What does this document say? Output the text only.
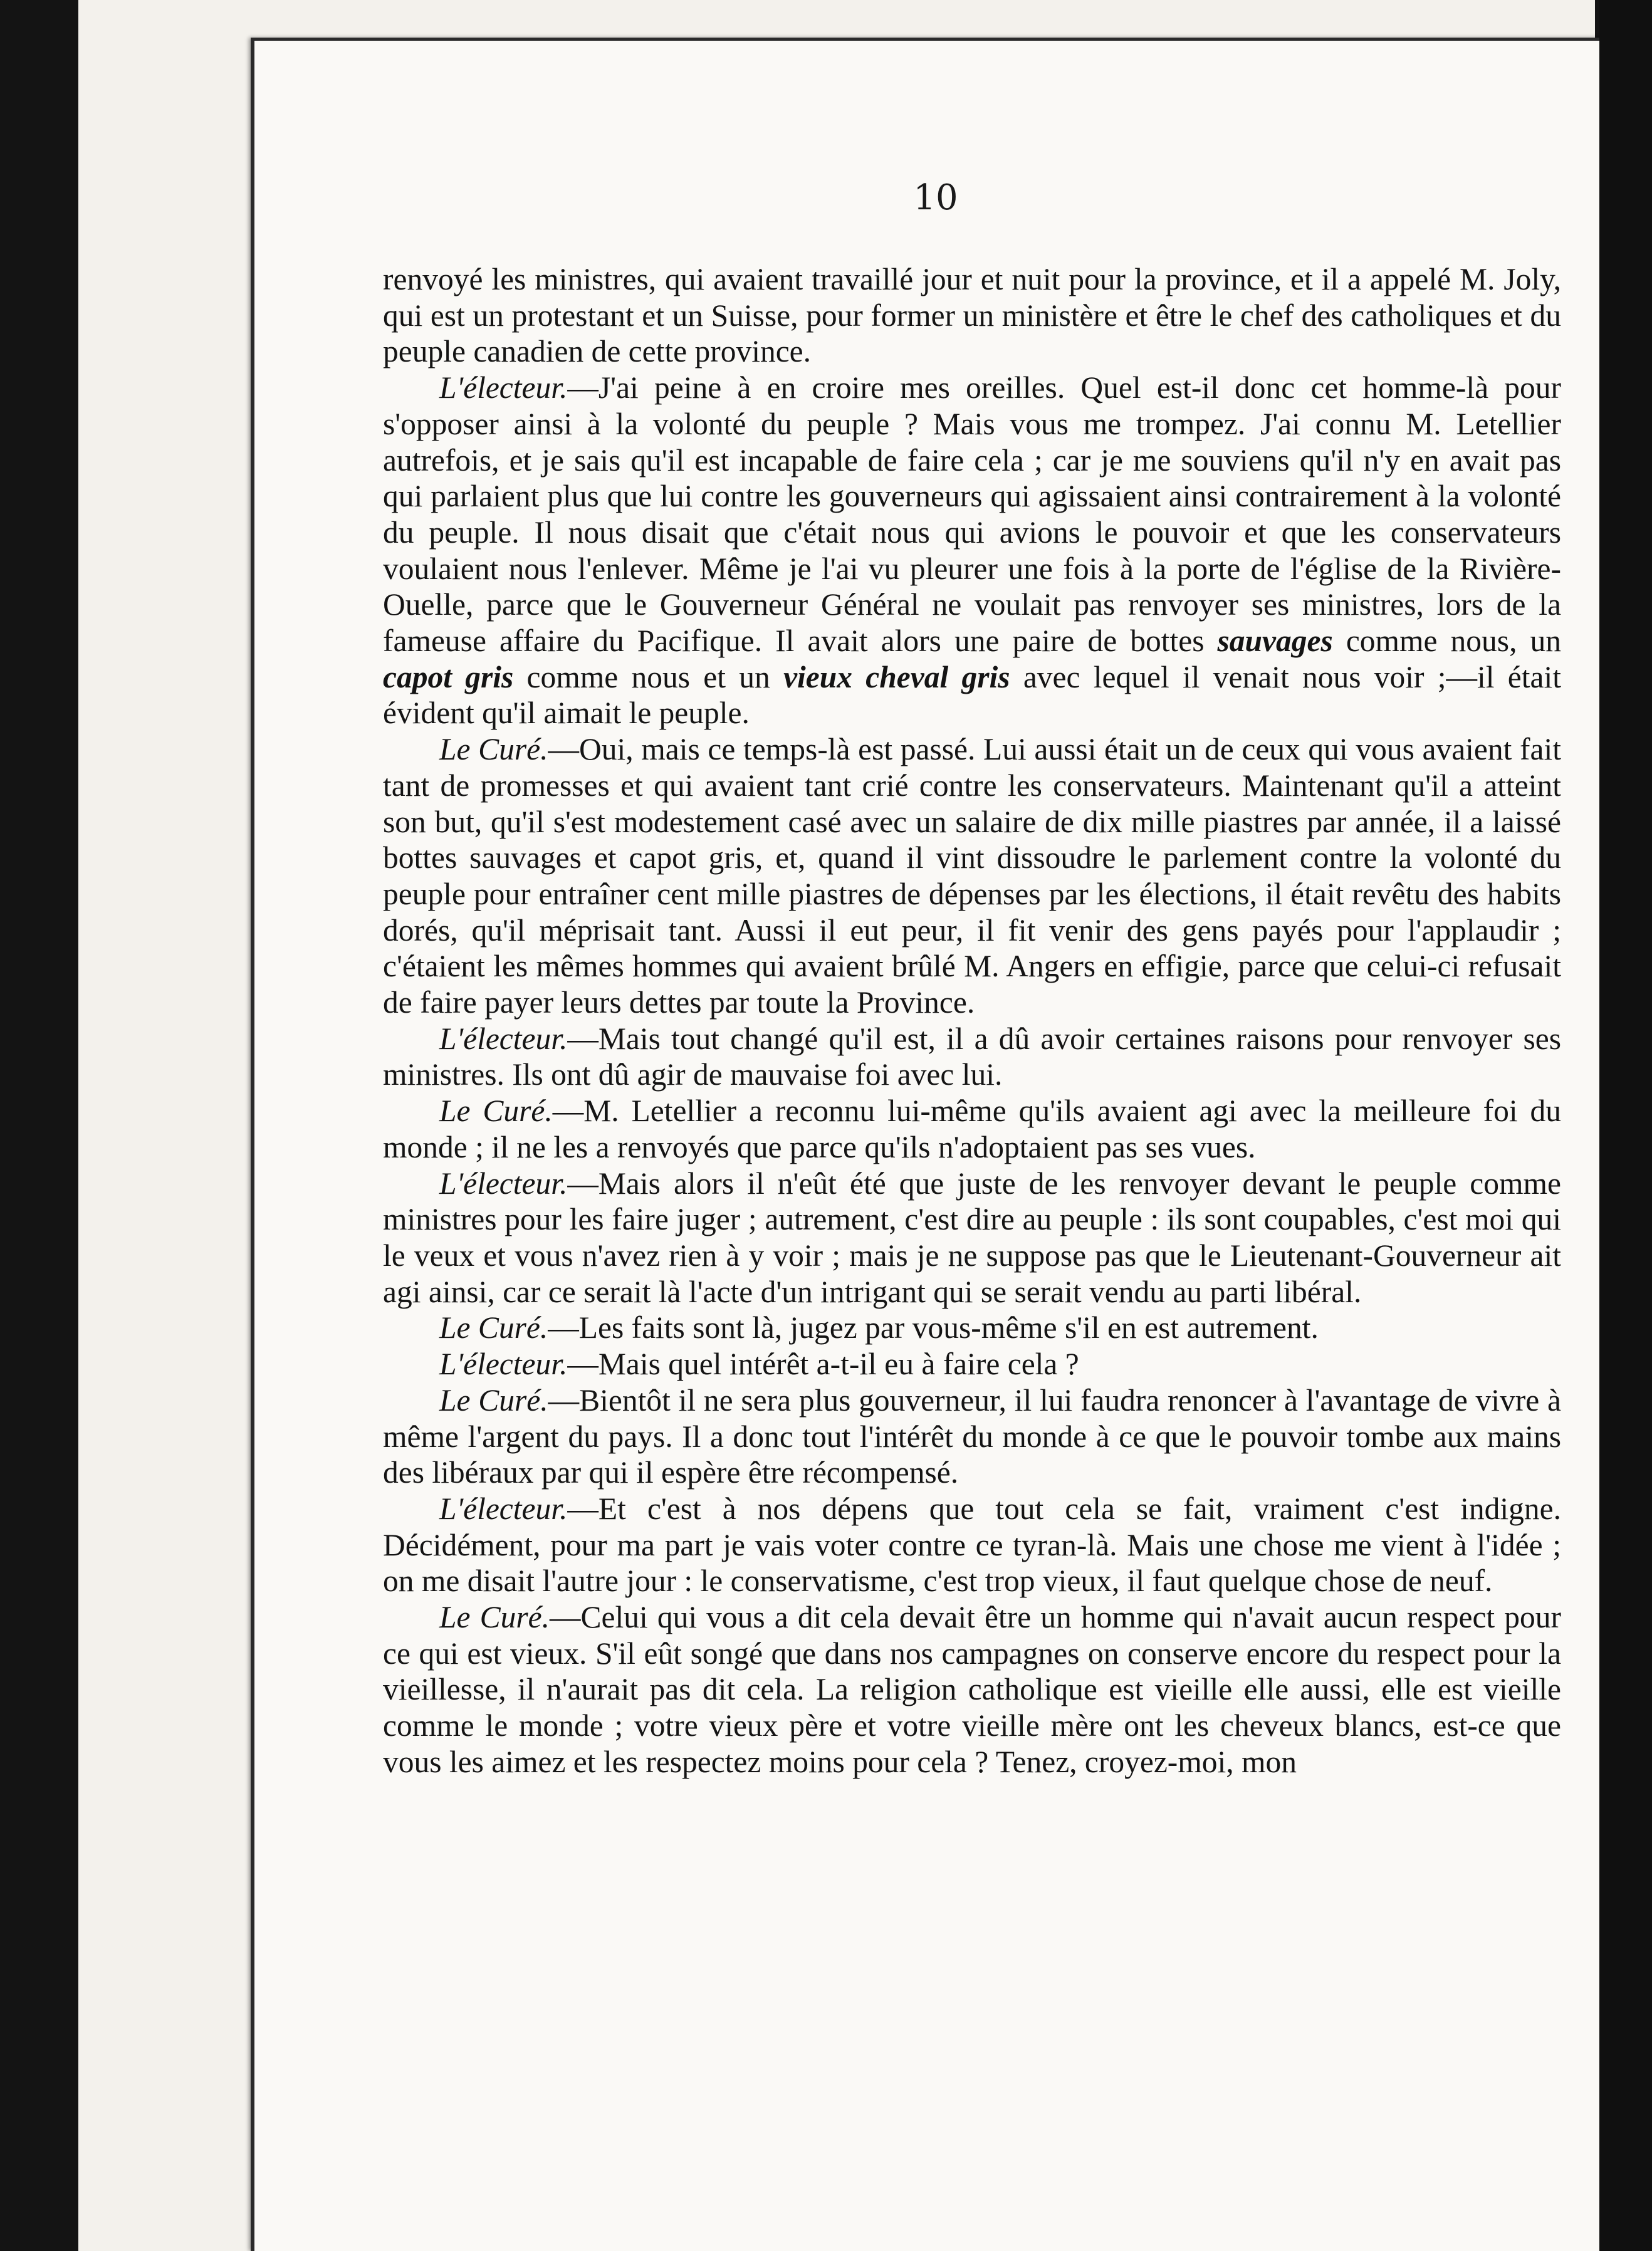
10

renvoyé les ministres, qui avaient travaillé jour et nuit pour la province, et il a appelé M. Joly, qui est un protestant et un Suisse, pour former un ministère et être le chef des catholiques et du peuple canadien de cette province.

L'électeur.—J'ai peine à en croire mes oreilles. Quel est-il donc cet homme-là pour s'opposer ainsi à la volonté du peuple ? Mais vous me trompez. J'ai connu M. Letellier autrefois, et je sais qu'il est incapable de faire cela ; car je me souviens qu'il n'y en avait pas qui parlaient plus que lui contre les gouverneurs qui agissaient ainsi contrairement à la volonté du peuple. Il nous disait que c'était nous qui avions le pouvoir et que les conservateurs voulaient nous l'enlever. Même je l'ai vu pleurer une fois à la porte de l'église de la Rivière-Ouelle, parce que le Gouverneur Général ne voulait pas renvoyer ses ministres, lors de la fameuse affaire du Pacifique. Il avait alors une paire de bottes sauvages comme nous, un capot gris comme nous et un vieux cheval gris avec lequel il venait nous voir ;—il était évident qu'il aimait le peuple.

Le Curé.—Oui, mais ce temps-là est passé. Lui aussi était un de ceux qui vous avaient fait tant de promesses et qui avaient tant crié contre les conservateurs. Maintenant qu'il a atteint son but, qu'il s'est modestement casé avec un salaire de dix mille piastres par année, il a laissé bottes sauvages et capot gris, et, quand il vint dissoudre le parlement contre la volonté du peuple pour entraîner cent mille piastres de dépenses par les élections, il était revêtu des habits dorés, qu'il méprisait tant. Aussi il eut peur, il fit venir des gens payés pour l'applaudir ; c'étaient les mêmes hommes qui avaient brûlé M. Angers en effigie, parce que celui-ci refusait de faire payer leurs dettes par toute la Province.

L'électeur.—Mais tout changé qu'il est, il a dû avoir certaines raisons pour renvoyer ses ministres. Ils ont dû agir de mauvaise foi avec lui.

Le Curé.—M. Letellier a reconnu lui-même qu'ils avaient agi avec la meilleure foi du monde ; il ne les a renvoyés que parce qu'ils n'adoptaient pas ses vues.

L'électeur.—Mais alors il n'eût été que juste de les renvoyer devant le peuple comme ministres pour les faire juger ; autrement, c'est dire au peuple : ils sont coupables, c'est moi qui le veux et vous n'avez rien à y voir ; mais je ne suppose pas que le Lieutenant-Gouverneur ait agi ainsi, car ce serait là l'acte d'un intrigant qui se serait vendu au parti libéral.

Le Curé.—Les faits sont là, jugez par vous-même s'il en est autrement.

L'électeur.—Mais quel intérêt a-t-il eu à faire cela ?

Le Curé.—Bientôt il ne sera plus gouverneur, il lui faudra renoncer à l'avantage de vivre à même l'argent du pays. Il a donc tout l'intérêt du monde à ce que le pouvoir tombe aux mains des libéraux par qui il espère être récompensé.

L'électeur.—Et c'est à nos dépens que tout cela se fait, vraiment c'est indigne. Décidément, pour ma part je vais voter contre ce tyran-là. Mais une chose me vient à l'idée ; on me disait l'autre jour : le conservatisme, c'est trop vieux, il faut quelque chose de neuf.

Le Curé.—Celui qui vous a dit cela devait être un homme qui n'avait aucun respect pour ce qui est vieux. S'il eût songé que dans nos campagnes on conserve encore du respect pour la vieillesse, il n'aurait pas dit cela. La religion catholique est vieille elle aussi, elle est vieille comme le monde ; votre vieux père et votre vieille mère ont les cheveux blancs, est-ce que vous les aimez et les respectez moins pour cela ? Tenez, croyez-moi, mon
